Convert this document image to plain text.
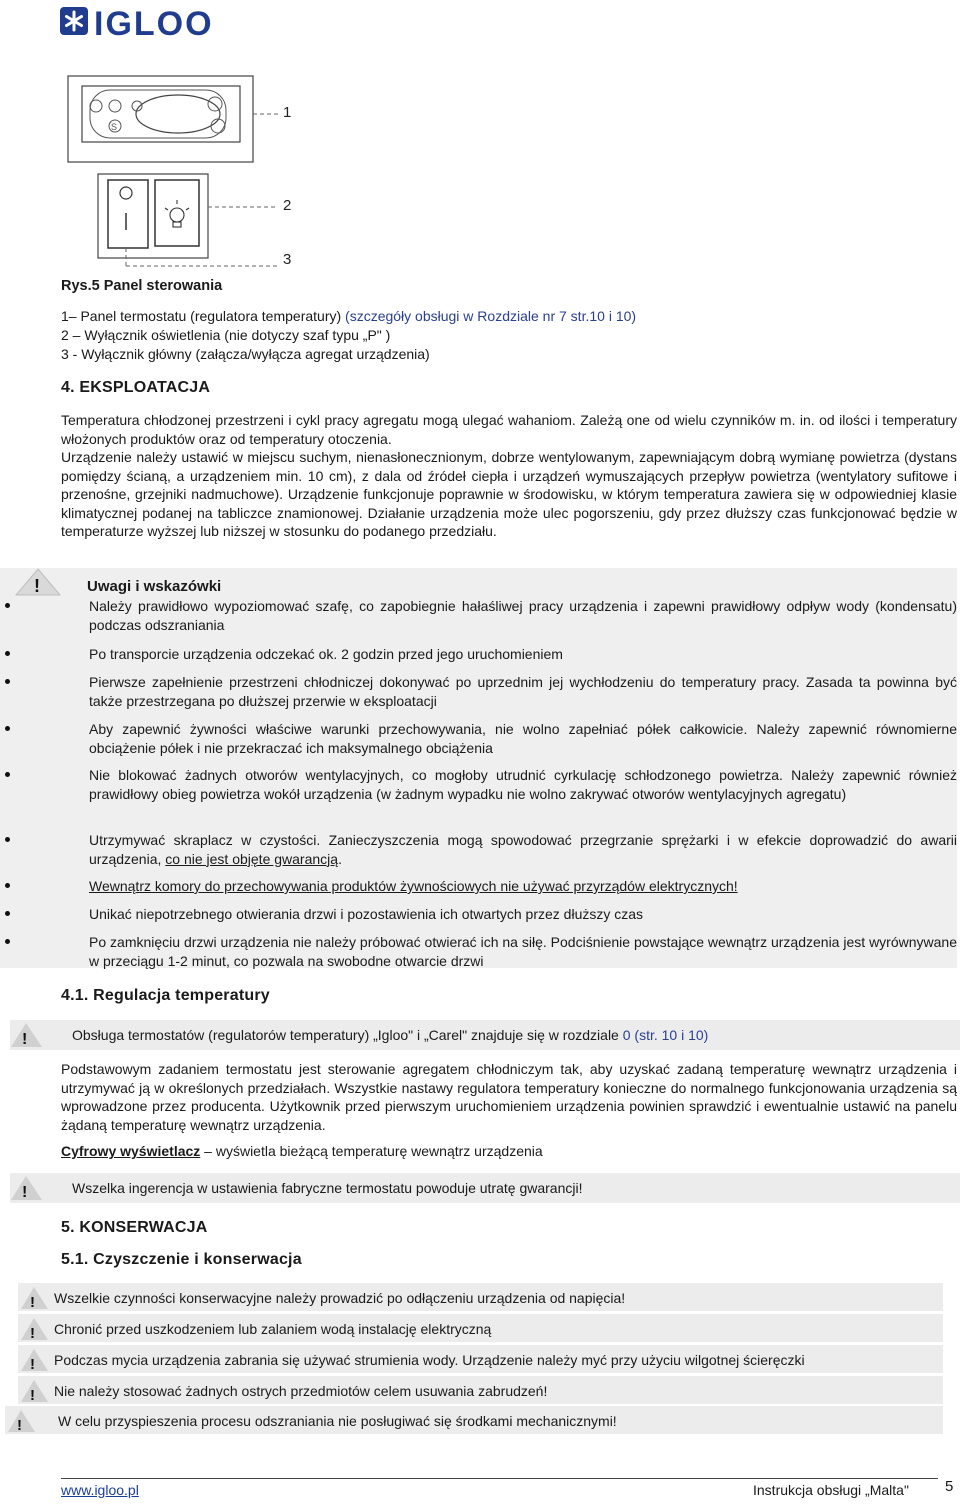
IGLOO
S
1
2
3
Rys.5 Panel sterowania
1– Panel termostatu (regulatora temperatury) (szczegóły obsługi w Rozdziale nr 7 str.10 i 10)
2 – Wyłącznik oświetlenia (nie dotyczy szaf typu „P" )
3 - Wyłącznik główny (załącza/wyłącza agregat urządzenia)
4. EKSPLOATACJA

Temperatura chłodzonej przestrzeni i cykl pracy agregatu mogą ulegać wahaniom. Zależą one od wielu czynników m. in. od ilości i temperatury włożonych produktów oraz od temperatury otoczenia.

Urządzenie należy ustawić w miejscu suchym, nienasłonecznionym, dobrze wentylowanym, zapewniającym dobrą wymianę powietrza (dystans pomiędzy ścianą, a urządzeniem min. 10 cm), z dala od źródeł ciepła i urządzeń wymuszających przepływ powietrza (wentylatory sufitowe i przenośne, grzejniki nadmuchowe). Urządzenie funkcjonuje poprawnie w środowisku, w którym temperatura zawiera się w odpowiedniej klasie klimatycznej podanej na tabliczce znamionowej. Działanie urządzenia może ulec pogorszeniu, gdy przez dłuższy czas funkcjonować będzie w temperaturze wyższej lub niższej w stosunku do podanego przedziału.

!	Uwagi i wskazówki
Należy prawidłowo wypoziomować szafę, co zapobiegnie hałaśliwej pracy urządzenia i zapewni prawidłowy odpływ wody (kondensatu) podczas odszraniania
Po transporcie urządzenia odczekać ok. 2 godzin przed jego uruchomieniem
Pierwsze zapełnienie przestrzeni chłodniczej dokonywać po uprzednim jej wychłodzeniu do temperatury pracy. Zasada ta powinna być także przestrzegana po dłuższej przerwie w eksploatacji
Aby zapewnić żywności właściwe warunki przechowywania, nie wolno zapełniać półek całkowicie. Należy zapewnić równomierne obciążenie półek i nie przekraczać ich maksymalnego obciążenia
Nie blokować żadnych otworów wentylacyjnych, co mogłoby utrudnić cyrkulację schłodzonego powietrza. Należy zapewnić również prawidłowy obieg powietrza wokół urządzenia (w żadnym wypadku nie wolno zakrywać otworów wentylacyjnych agregatu)
Utrzymywać skraplacz w czystości. Zanieczyszczenia mogą spowodować przegrzanie sprężarki i w efekcie doprowadzić do awarii urządzenia, co nie jest objęte gwarancją.
Wewnątrz komory do przechowywania produktów żywnościowych nie używać przyrządów elektrycznych!
Unikać niepotrzebnego otwierania drzwi i pozostawienia ich otwartych przez dłuższy czas
Po zamknięciu drzwi urządzenia nie należy próbować otwierać ich na siłę. Podciśnienie powstające wewnątrz urządzenia jest wyrównywane w przeciągu 1-2 minut, co pozwala na swobodne otwarcie drzwi
4.1. Regulacja temperatury
!	Obsługa termostatów (regulatorów temperatury) „Igloo" i „Carel" znajduje się w rozdziale 0 (str. 10 i 10)
Podstawowym zadaniem termostatu jest sterowanie agregatem chłodniczym tak, aby uzyskać zadaną temperaturę wewnątrz urządzenia i utrzymywać ją w określonych przedziałach. Wszystkie nastawy regulatora temperatury konieczne do normalnego funkcjonowania urządzenia są wprowadzone przez producenta. Użytkownik przed pierwszym uruchomieniem urządzenia powinien sprawdzić i ewentualnie ustawić na panelu żądaną temperaturę wewnątrz urządzenia.
Cyfrowy wyświetlacz – wyświetla bieżącą temperaturę wewnątrz urządzenia
!	Wszelka ingerencja w ustawienia fabryczne termostatu powoduje utratę gwarancji!
5. KONSERWACJA
5.1. Czyszczenie i konserwacja
! Wszelkie czynności konserwacyjne należy prowadzić po odłączeniu urządzenia od napięcia!
! Chronić przed uszkodzeniem lub zalaniem wodą instalację elektryczną
! Podczas mycia urządzenia zabrania się używać strumienia wody. Urządzenie należy myć przy użyciu wilgotnej ścieręczki
! Nie należy stosować żadnych ostrych przedmiotów celem usuwania zabrudzeń!
!	W celu przyspieszenia procesu odszraniania nie posługiwać się środkami mechanicznymi!
www.igloo.pl	Instrukcja obsługi „Malta" 5
